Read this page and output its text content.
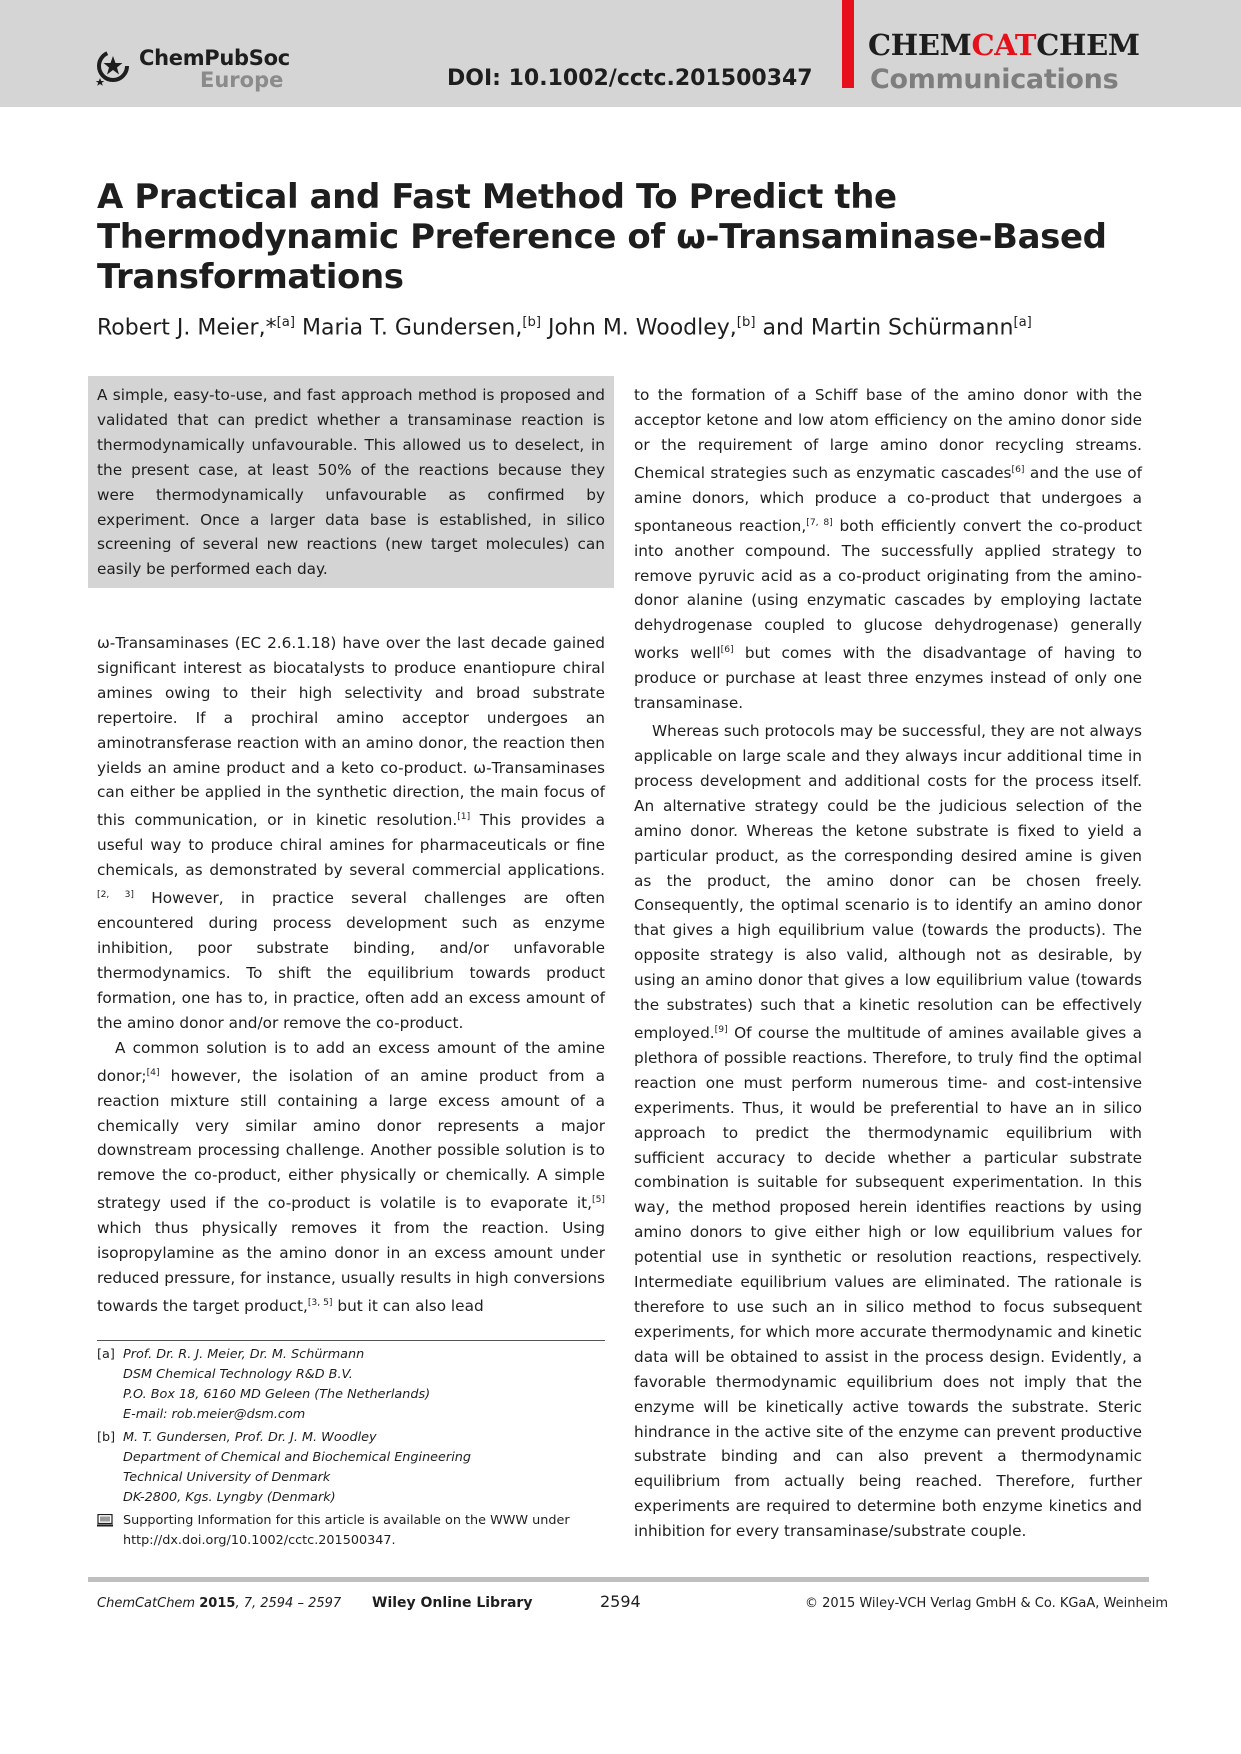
ChemPubSoc
Europe	DOI: 10.1002/cctc.201500347
CHEMCATCHEM
Communications
A Practical and Fast Method To Predict the Thermodynamic Preference of ω-Transaminase-Based Transformations
Robert J. Meier,*[a] Maria T. Gundersen,[b] John M. Woodley,[b] and Martin Schürmann[a]

A simple, easy-to-use, and fast approach method is proposed and validated that can predict whether a transaminase reaction is thermodynamically unfavourable. This allowed us to deselect, in the present case, at least 50% of the reactions because they were thermodynamically unfavourable as confirmed by experiment. Once a larger data base is established, in silico screening of several new reactions (new target molecules) can easily be performed each day.

ω-Transaminases (EC 2.6.1.18) have over the last decade gained significant interest as biocatalysts to produce enantiopure chiral amines owing to their high selectivity and broad substrate repertoire. If a prochiral amino acceptor undergoes an aminotransferase reaction with an amino donor, the reaction then yields an amine product and a keto co-product. ω-Transaminases can either be applied in the synthetic direction, the main focus of this communication, or in kinetic resolution.[1] This provides a useful way to produce chiral amines for pharmaceuticals or fine chemicals, as demonstrated by several commercial applications.[2, 3] However, in practice several challenges are often encountered during process development such as enzyme inhibition, poor substrate binding, and/or unfavorable thermodynamics. To shift the equilibrium towards product formation, one has to, in practice, often add an excess amount of the amino donor and/or remove the co-product.

A common solution is to add an excess amount of the amine donor;[4] however, the isolation of an amine product from a reaction mixture still containing a large excess amount of a chemically very similar amino donor represents a major downstream processing challenge. Another possible solution is to remove the co-product, either physically or chemically. A simple strategy used if the co-product is volatile is to evaporate it,[5] which thus physically removes it from the reaction. Using isopropylamine as the amino donor in an excess amount under reduced pressure, for instance, usually results in high conversions towards the target product,[3, 5] but it can also lead

to the formation of a Schiff base of the amino donor with the acceptor ketone and low atom efficiency on the amino donor side or the requirement of large amino donor recycling streams. Chemical strategies such as enzymatic cascades[6] and the use of amine donors, which produce a co-product that undergoes a spontaneous reaction,[7, 8] both efficiently convert the co-product into another compound. The successfully applied strategy to remove pyruvic acid as a co-product originating from the amino-donor alanine (using enzymatic cascades by employing lactate dehydrogenase coupled to glucose dehydrogenase) generally works well[6] but comes with the disadvantage of having to produce or purchase at least three enzymes instead of only one transaminase.

Whereas such protocols may be successful, they are not always applicable on large scale and they always incur additional time in process development and additional costs for the process itself. An alternative strategy could be the judicious selection of the amino donor. Whereas the ketone substrate is fixed to yield a particular product, as the corresponding desired amine is given as the product, the amino donor can be chosen freely. Consequently, the optimal scenario is to identify an amino donor that gives a high equilibrium value (towards the products). The opposite strategy is also valid, although not as desirable, by using an amino donor that gives a low equilibrium value (towards the substrates) such that a kinetic resolution can be effectively employed.[9] Of course the multitude of amines available gives a plethora of possible reactions. Therefore, to truly find the optimal reaction one must perform numerous time- and cost-intensive experiments. Thus, it would be preferential to have an in silico approach to predict the thermodynamic equilibrium with sufficient accuracy to decide whether a particular substrate combination is suitable for subsequent experimentation. In this way, the method proposed herein identifies reactions by using amino donors to give either high or low equilibrium values for potential use in synthetic or resolution reactions, respectively. Intermediate equilibrium values are eliminated. The rationale is therefore to use such an in silico method to focus subsequent experiments, for which more accurate thermodynamic and kinetic data will be obtained to assist in the process design. Evidently, a favorable thermodynamic equilibrium does not imply that the enzyme will be kinetically active towards the substrate. Steric hindrance in the active site of the enzyme can prevent productive substrate binding and can also prevent a thermodynamic equilibrium from actually being reached. Therefore, further experiments are required to determine both enzyme kinetics and inhibition for every transaminase/substrate couple.

[a] Prof. Dr. R. J. Meier, Dr. M. Schürmann
DSM Chemical Technology R&D B.V.
P.O. Box 18, 6160 MD Geleen (The Netherlands)
E-mail: rob.meier@dsm.com
[b] M. T. Gundersen, Prof. Dr. J. M. Woodley
Department of Chemical and Biochemical Engineering
Technical University of Denmark
DK-2800, Kgs. Lyngby (Denmark)
Supporting Information for this article is available on the WWW under http://dx.doi.org/10.1002/cctc.201500347.
ChemCatChem 2015, 7, 2594 – 2597 Wiley Online Library	2594	© 2015 Wiley-VCH Verlag GmbH & Co. KGaA, Weinheim
